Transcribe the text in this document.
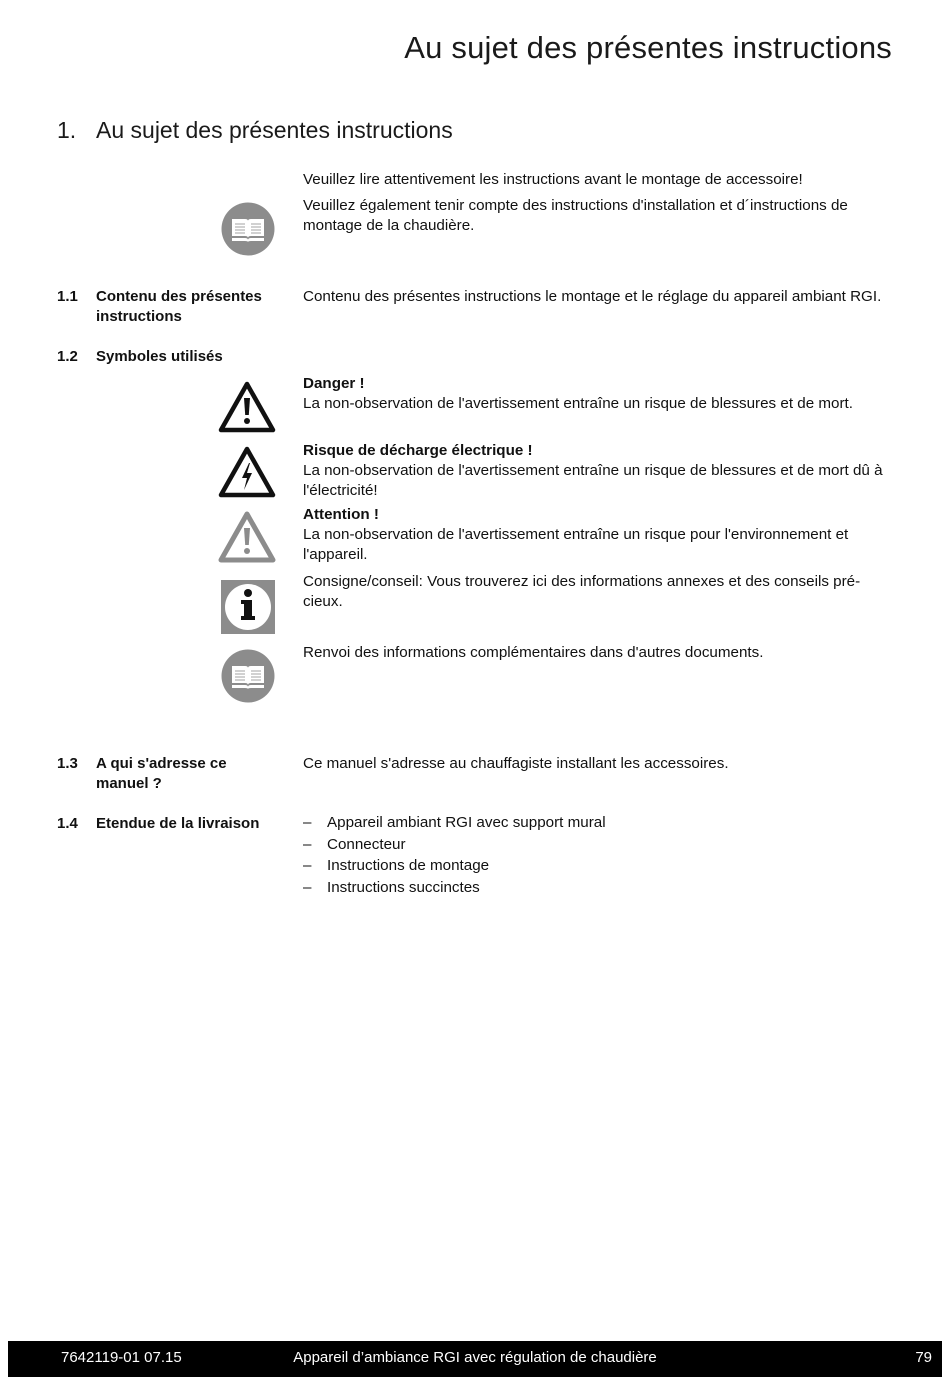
Au sujet des présentes instructions
1. Au sujet des présentes instructions
Veuillez lire attentivement les instructions avant le montage de accessoire!
Veuillez également tenir compte des instructions d'installation et d´instructions de montage de la chaudière.
1.1 Contenu des présentes instructions
Contenu des présentes instructions le montage et le réglage du appareil ambiant RGI.
1.2 Symboles utilisés
Danger !
La non-observation de l'avertissement entraîne un risque de blessures et de mort.
Risque de décharge électrique !
La non-observation de l'avertissement entraîne un risque de blessures et de mort dû à l'électricité!
Attention !
La non-observation de l'avertissement entraîne un risque pour l'environnement et l'appareil.
Consigne/conseil: Vous trouverez ici des informations annexes et des conseils pré-cieux.
Renvoi des informations complémentaires dans d'autres documents.
1.3 A qui s'adresse ce manuel ?
Ce manuel s'adresse au chauffagiste installant les accessoires.
1.4 Etendue de la livraison	– Appareil ambiant RGI avec support mural
– Connecteur
– Instructions de montage
– Instructions succinctes
7642119-01 07.15	Appareil d’ambiance RGI avec régulation de chaudière	79
